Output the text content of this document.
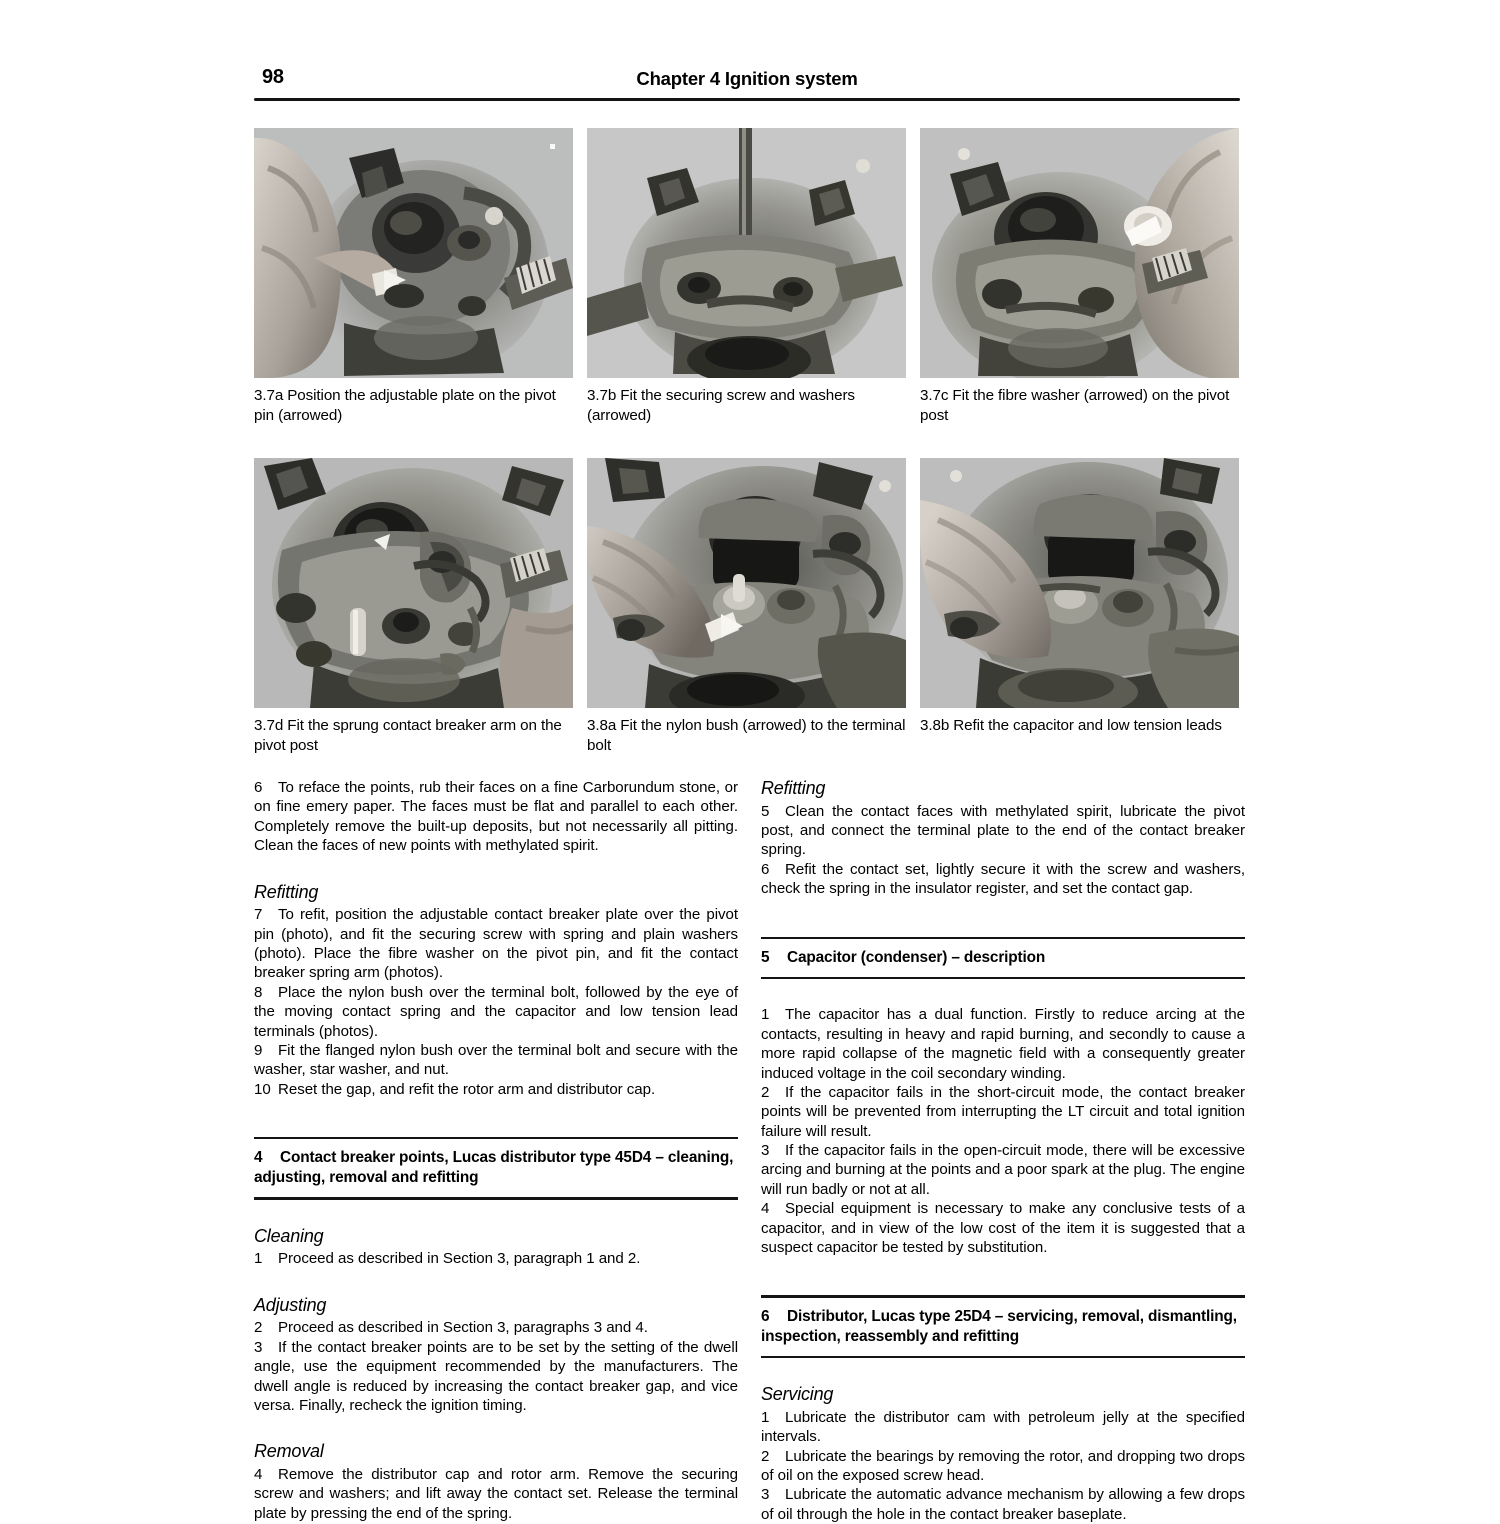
98	Chapter 4 Ignition system
3.7a Position the adjustable plate on the pivot pin (arrowed)
3.7b Fit the securing screw and washers (arrowed)
3.7c Fit the fibre washer (arrowed) on the pivot post
3.7d Fit the sprung contact breaker arm on the pivot post
3.8a Fit the nylon bush (arrowed) to the terminal bolt
3.8b Refit the capacitor and low tension leads

6 To reface the points, rub their faces on a fine Carborundum stone, or on fine emery paper. The faces must be flat and parallel to each other. Completely remove the built-up deposits, but not necessarily all pitting. Clean the faces of new points with methylated spirit.

Refitting

7 To refit, position the adjustable contact breaker plate over the pivot pin (photo), and fit the securing screw with spring and plain washers (photo). Place the fibre washer on the pivot pin, and fit the contact breaker spring arm (photos).

8 Place the nylon bush over the terminal bolt, followed by the eye of the moving contact spring and the capacitor and low tension lead terminals (photos).

9 Fit the flanged nylon bush over the terminal bolt and secure with the washer, star washer, and nut.

10 Reset the gap, and refit the rotor arm and distributor cap.

4 Contact breaker points, Lucas distributor type 45D4 – cleaning, adjusting, removal and refitting
Cleaning

1 Proceed as described in Section 3, paragraph 1 and 2.

Adjusting

2 Proceed as described in Section 3, paragraphs 3 and 4.

3 If the contact breaker points are to be set by the setting of the dwell angle, use the equipment recommended by the manufacturers. The dwell angle is reduced by increasing the contact breaker gap, and vice versa. Finally, recheck the ignition timing.

Removal

4 Remove the distributor cap and rotor arm. Remove the securing screw and washers; and lift away the contact set. Release the terminal plate by pressing the end of the spring.

Refitting

5 Clean the contact faces with methylated spirit, lubricate the pivot post, and connect the terminal plate to the end of the contact breaker spring.

6 Refit the contact set, lightly secure it with the screw and washers, check the spring in the insulator register, and set the contact gap.

5 Capacitor (condenser) – description

1 The capacitor has a dual function. Firstly to reduce arcing at the contacts, resulting in heavy and rapid burning, and secondly to cause a more rapid collapse of the magnetic field with a consequently greater induced voltage in the coil secondary winding.

2 If the capacitor fails in the short-circuit mode, the contact breaker points will be prevented from interrupting the LT circuit and total ignition failure will result.

3 If the capacitor fails in the open-circuit mode, there will be excessive arcing and burning at the points and a poor spark at the plug. The engine will run badly or not at all.

4 Special equipment is necessary to make any conclusive tests of a capacitor, and in view of the low cost of the item it is suggested that a suspect capacitor be tested by substitution.

6 Distributor, Lucas type 25D4 – servicing, removal, dismantling, inspection, reassembly and refitting
Servicing

1 Lubricate the distributor cam with petroleum jelly at the specified intervals.

2 Lubricate the bearings by removing the rotor, and dropping two drops of oil on the exposed screw head.

3 Lubricate the automatic advance mechanism by allowing a few drops of oil through the hole in the contact breaker baseplate.
